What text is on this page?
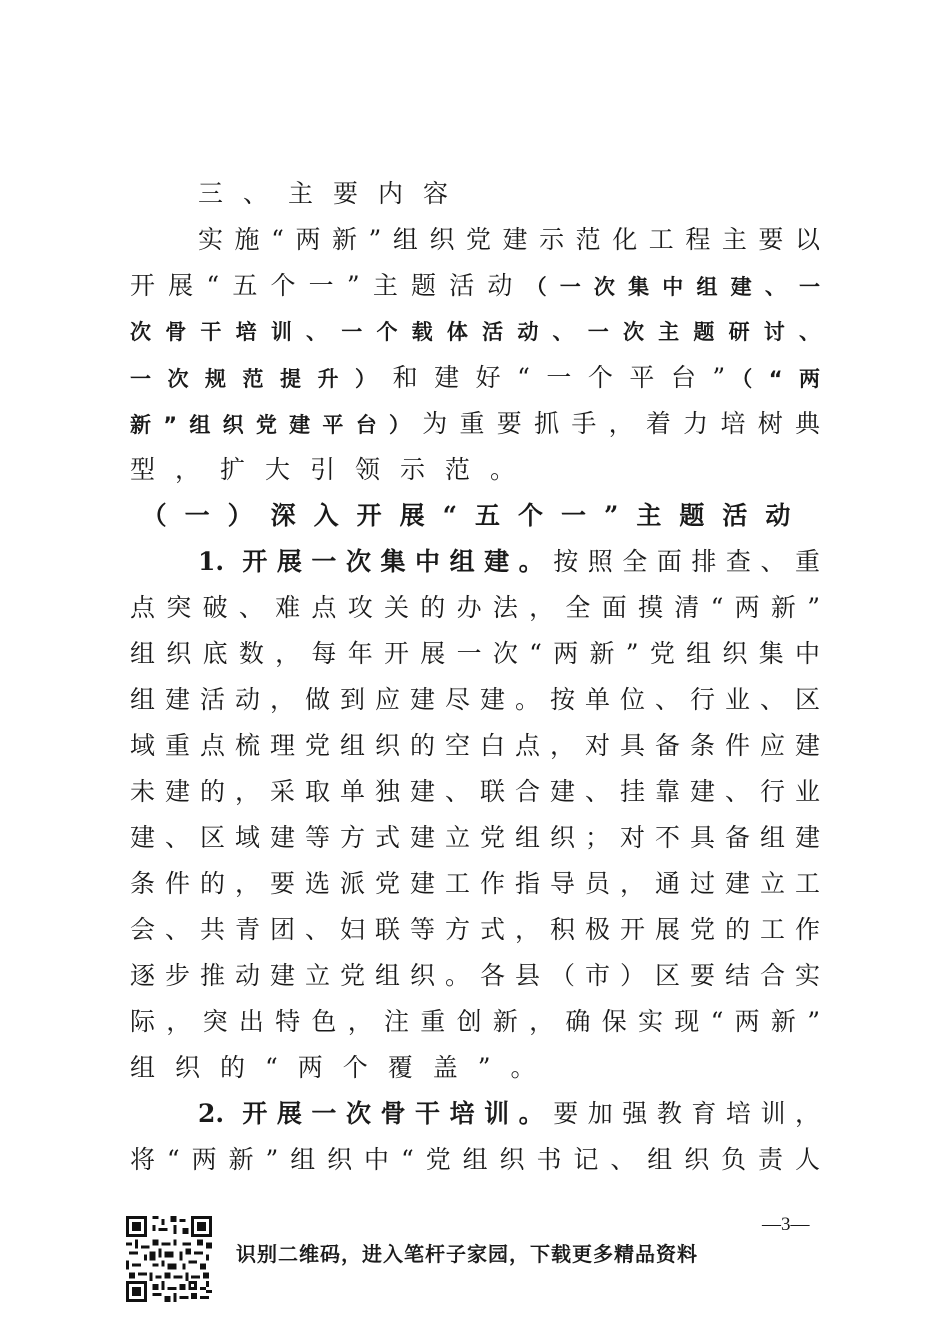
三、主要内容
实施“两新”组织党建示范化工程主要以
开展“五个一”主题活动（一次集中组建、一
次骨干培训、一个载体活动、一次主题研讨、
一次规范提升）和建好“一个平台”（“两
新”组织党建平台）为重要抓手，着力培树典
型，扩大引领示范。
（一）深入开展“五个一”主题活动
1. 开展一次集中组建。按照全面排查、重
点突破、难点攻关的办法，全面摸清“两新”
组织底数，每年开展一次“两新”党组织集中
组建活动，做到应建尽建。按单位、行业、区
域重点梳理党组织的空白点，对具备条件应建
未建的，采取单独建、联合建、挂靠建、行业
建、区域建等方式建立党组织；对不具备组建
条件的，要选派党建工作指导员，通过建立工
会、共青团、妇联等方式，积极开展党的工作
逐步推动建立党组织。各县（市）区要结合实
际，突出特色，注重创新，确保实现“两新”
组织的“两个覆盖”。
2. 开展一次骨干培训。要加强教育培训，
将“两新”组织中“党组织书记、组织负责人
—3—
识别二维码，进入笔杆子家园，下载更多精品资料
